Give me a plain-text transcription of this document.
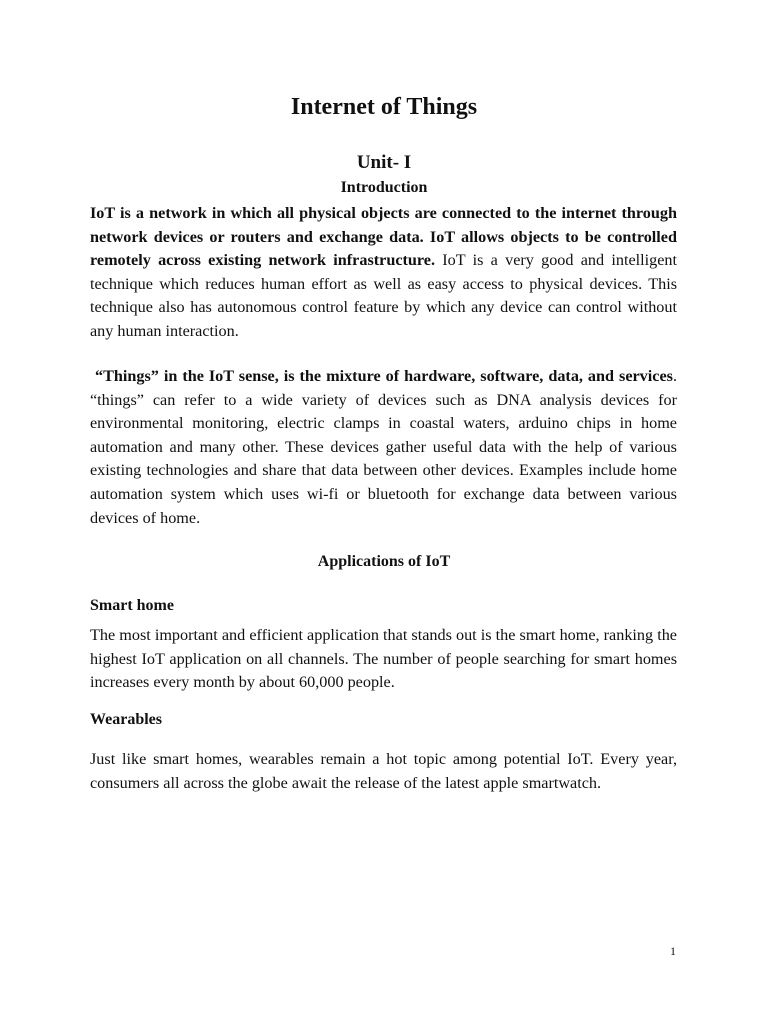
Internet of Things
Unit- I
Introduction

IoT is a network in which all physical objects are connected to the internet through network devices or routers and exchange data. IoT allows objects to be controlled remotely across existing network infrastructure. IoT is a very good and intelligent technique which reduces human effort as well as easy access to physical devices. This technique also has autonomous control feature by which any device can control without any human interaction.

“Things” in the IoT sense, is the mixture of hardware, software, data, and services. “things” can refer to a wide variety of devices such as DNA analysis devices for environmental monitoring, electric clamps in coastal waters, arduino chips in home automation and many other. These devices gather useful data with the help of various existing technologies and share that data between other devices. Examples include home automation system which uses wi-fi or bluetooth for exchange data between various devices of home.

Applications of IoT
Smart home

The most important and efficient application that stands out is the smart home, ranking the highest IoT application on all channels. The number of people searching for smart homes increases every month by about 60,000 people.

Wearables

Just like smart homes, wearables remain a hot topic among potential IoT. Every year, consumers all across the globe await the release of the latest apple smartwatch.

1
